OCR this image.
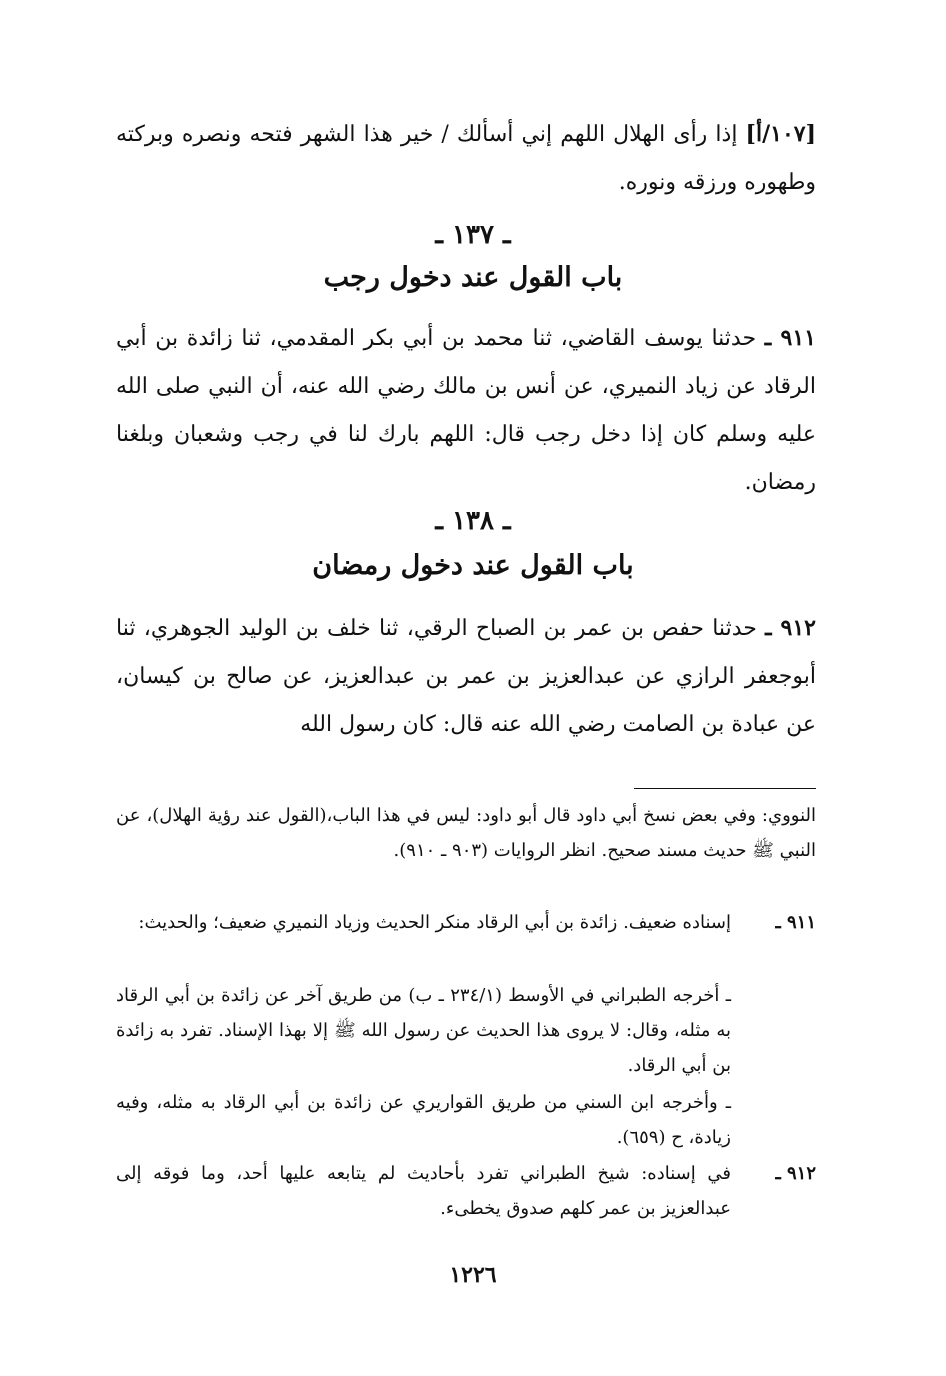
[١٠٧/أ] إذا رأى الهلال اللهم إني أسألك / خير هذا الشهر فتحه ونصره وبركته وطهوره ورزقه ونوره.
ـ ١٣٧ ـ
باب القول عند دخول رجب
٩١١ ـ حدثنا يوسف القاضي، ثنا محمد بن أبي بكر المقدمي، ثنا زائدة بن أبي الرقاد عن زياد النميري، عن أنس بن مالك رضي الله عنه، أن النبي صلى الله عليه وسلم كان إذا دخل رجب قال: اللهم بارك لنا في رجب وشعبان وبلغنا رمضان.
ـ ١٣٨ ـ
باب القول عند دخول رمضان
٩١٢ ـ حدثنا حفص بن عمر بن الصباح الرقي، ثنا خلف بن الوليد الجوهري، ثنا أبوجعفر الرازي عن عبدالعزيز بن عمر بن عبدالعزيز، عن صالح بن كيسان، عن عبادة بن الصامت رضي الله عنه قال: كان رسول الله
النووي: وفي بعض نسخ أبي داود قال أبو داود: ليس في هذا الباب،(القول عند رؤية الهلال)، عن النبي ﷺ حديث مسند صحيح. انظر الروايات (٩٠٣ ـ ٩١٠).
٩١١ ـ
إسناده ضعيف. زائدة بن أبي الرقاد منكر الحديث وزياد النميري ضعيف؛ والحديث:
ـ أخرجه الطبراني في الأوسط (٢٣٤/١ ـ ب) من طريق آخر عن زائدة بن أبي الرقاد به مثله، وقال: لا يروى هذا الحديث عن رسول الله ﷺ إلا بهذا الإسناد. تفرد به زائدة بن أبي الرقاد.
ـ وأخرجه ابن السني من طريق القواريري عن زائدة بن أبي الرقاد به مثله، وفيه زيادة، ح (٦٥٩).
٩١٢ ـ
في إسناده: شيخ الطبراني تفرد بأحاديث لم يتابعه عليها أحد، وما فوقه إلى عبدالعزيز بن عمر كلهم صدوق يخطىء.
١٢٢٦
